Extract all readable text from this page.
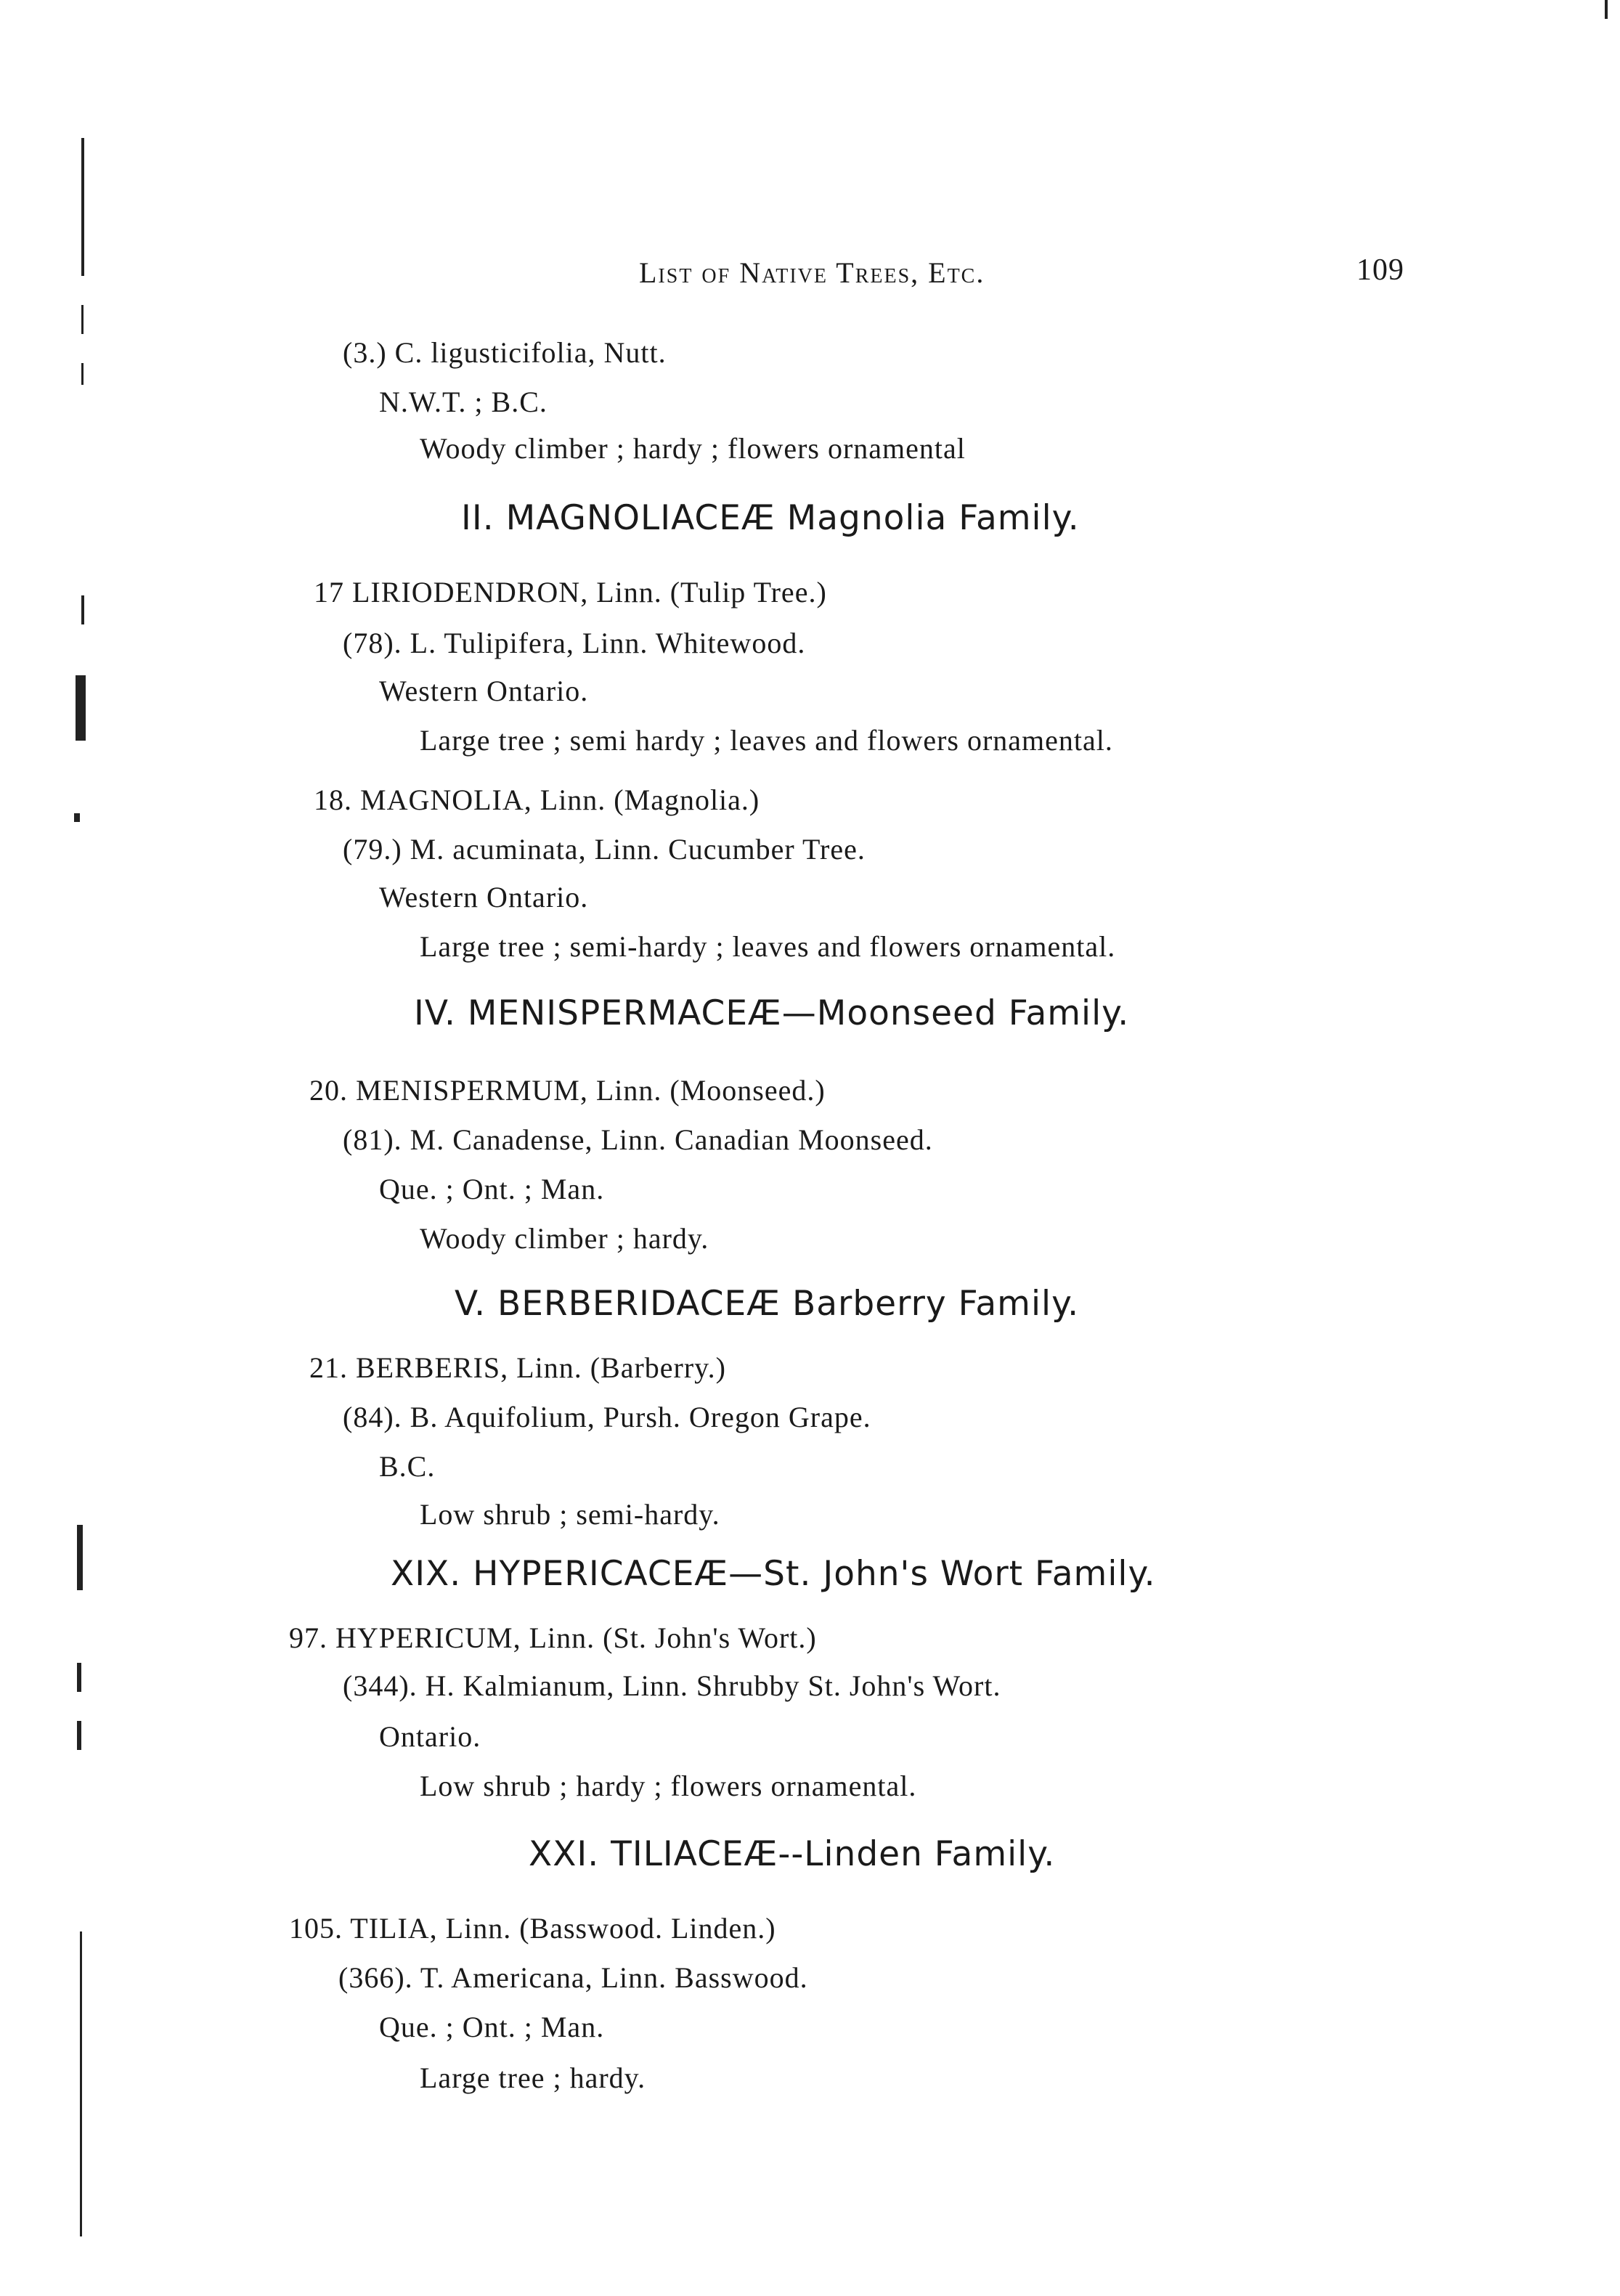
List of Native Trees, Etc.	109
(3.) C. ligusticifolia, Nutt.
N.W.T. ; B.C.
Woody climber ; hardy ; flowers ornamental
II. MAGNOLIACEÆ Magnolia Family.
17 LIRIODENDRON, Linn. (Tulip Tree.)
(78). L. Tulipifera, Linn. Whitewood.
Western Ontario.
Large tree ; semi hardy ; leaves and flowers ornamental.
18. MAGNOLIA, Linn. (Magnolia.)
(79.) M. acuminata, Linn. Cucumber Tree.
Western Ontario.
Large tree ; semi-hardy ; leaves and flowers ornamental.
IV. MENISPERMACEÆ—Moonseed Family.
20. MENISPERMUM, Linn. (Moonseed.)
(81). M. Canadense, Linn. Canadian Moonseed.
Que. ; Ont. ; Man.
Woody climber ; hardy.
V. BERBERIDACEÆ Barberry Family.
21. BERBERIS, Linn. (Barberry.)
(84). B. Aquifolium, Pursh. Oregon Grape.
B.C.
Low shrub ; semi-hardy.
XIX. HYPERICACEÆ—St. John's Wort Family.
97. HYPERICUM, Linn. (St. John's Wort.)
(344). H. Kalmianum, Linn. Shrubby St. John's Wort.
Ontario.
Low shrub ; hardy ; flowers ornamental.
XXI. TILIACEÆ--Linden Family.
105. TILIA, Linn. (Basswood. Linden.)
(366). T. Americana, Linn. Basswood.
Que. ; Ont. ; Man.
Large tree ; hardy.
